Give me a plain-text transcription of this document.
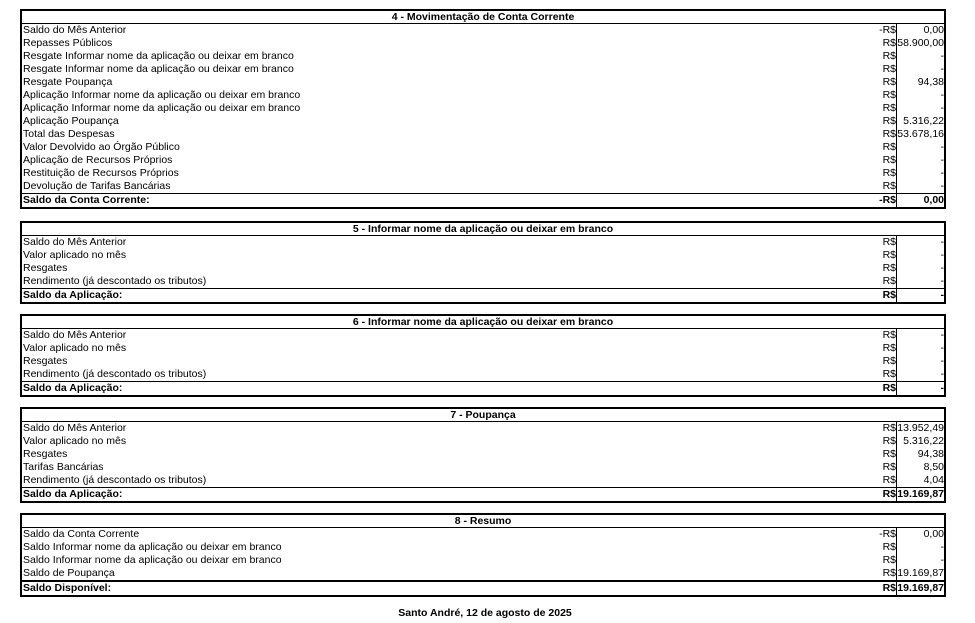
4 - Movimentação de Conta Corrente
Saldo do Mês Anterior	-R$	0,00
Repasses Públicos	R$ 58.900,00
Resgate Informar nome da aplicação ou deixar em branco	R$	-
Resgate Informar nome da aplicação ou deixar em branco	R$	-
Resgate Poupança	R$	94,38
Aplicação Informar nome da aplicação ou deixar em branco	R$	-
Aplicação Informar nome da aplicação ou deixar em branco	R$	-
Aplicação Poupança	R$ 5.316,22
Total das Despesas	R$ 53.678,16
Valor Devolvido ao Órgão Público	R$	-
Aplicação de Recursos Próprios	R$	-
Restituição de Recursos Próprios	R$	-
Devolução de Tarifas Bancárias	R$	-
Saldo da Conta Corrente:	-R$	0,00
5 - Informar nome da aplicação ou deixar em branco
Saldo do Mês Anterior	R$	-
Valor aplicado no mês	R$	-
Resgates	R$	-
Rendimento (já descontado os tributos)	R$	-
Saldo da Aplicação:	R$	-
6 - Informar nome da aplicação ou deixar em branco
Saldo do Mês Anterior	R$	-
Valor aplicado no mês	R$	-
Resgates	R$	-
Rendimento (já descontado os tributos)	R$	-
Saldo da Aplicação:	R$	-
7 - Poupança
Saldo do Mês Anterior	R$ 13.952,49
Valor aplicado no mês	R$ 5.316,22
Resgates	R$	94,38
Tarifas Bancárias	R$	8,50
Rendimento (já descontado os tributos)	R$	4,04
Saldo da Aplicação:	R$ 19.169,87
8 - Resumo
Saldo da Conta Corrente	-R$	0,00
Saldo Informar nome da aplicação ou deixar em branco	R$	-
Saldo Informar nome da aplicação ou deixar em branco	R$	-
Saldo de Poupança	R$ 19.169,87
Saldo Disponível:	R$ 19.169,87
Santo André, 12 de agosto de 2025
